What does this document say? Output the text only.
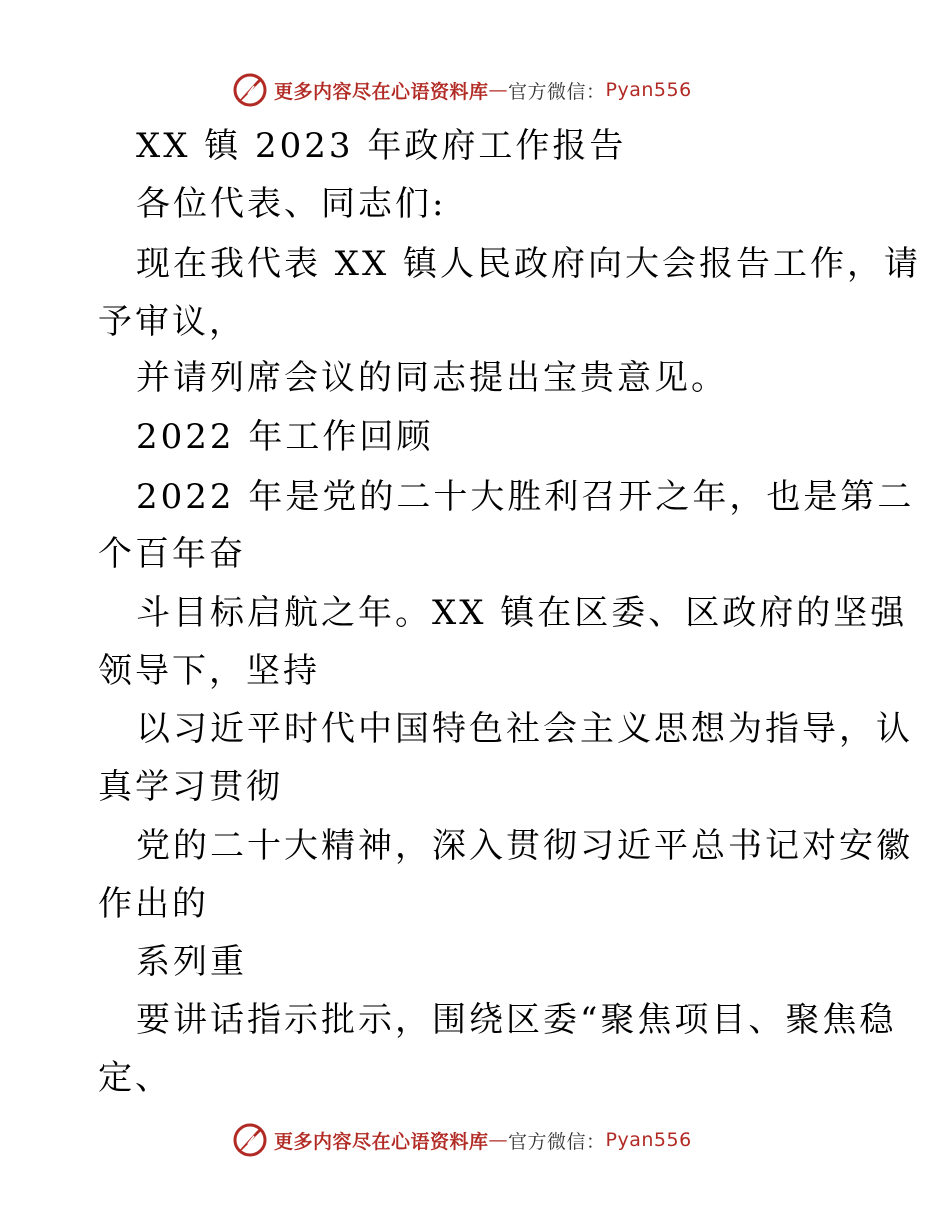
更多内容尽在心语资料库 — 官方微信： Pyan556
XX 镇 2023 年政府工作报告
各位代表、同志们:
现在我代表 XX 镇人民政府向大会报告工作，请
予审议，
并请列席会议的同志提出宝贵意见。
2022 年工作回顾
2022 年是党的二十大胜利召开之年，也是第二
个百年奋
斗目标启航之年。XX 镇在区委、区政府的坚强
领导下，坚持
以习近平时代中国特色社会主义思想为指导，认
真学习贯彻
党的二十大精神，深入贯彻习近平总书记对安徽
作出的
系列重
要讲话指示批示，围绕区委“聚焦项目、聚焦稳
定、
更多内容尽在心语资料库 — 官方微信： Pyan556
